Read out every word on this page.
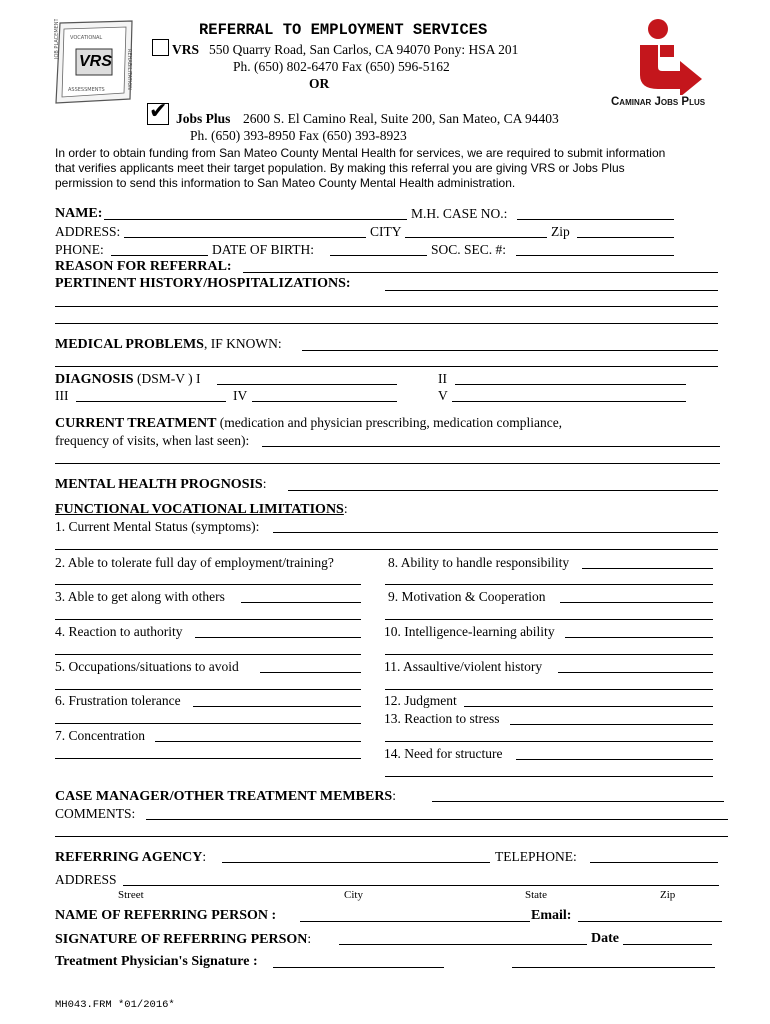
JOB PLACEMENT
REHABILITATION
VOCATIONAL
ASSESSMENTS
VRS
REFERRAL TO EMPLOYMENT SERVICES
VRS 550 Quarry Road, San Carlos, CA 94070 Pony: HSA 201
Ph. (650) 802-6470 Fax (650) 596-5162
OR
✔ Jobs Plus 2600 S. El Camino Real, Suite 200, San Mateo, CA 94403
Ph. (650) 393-8950 Fax (650) 393-8923
Caminar Jobs Plus
In order to obtain funding from San Mateo County Mental Health for services, we are required to submit information
that verifies applicants meet their target population. By making this referral you are giving VRS or Jobs Plus
permission to send this information to San Mateo County Mental Health administration.
NAME:	M.H. CASE NO.:
ADDRESS:	CITY	Zip
PHONE:	DATE OF BIRTH:	SOC. SEC. #:
REASON FOR REFERRAL:
PERTINENT HISTORY/HOSPITALIZATIONS:
MEDICAL PROBLEMS, IF KNOWN:
DIAGNOSIS (DSM-V ) I	II
III	IV	V
CURRENT TREATMENT (medication and physician prescribing, medication compliance,
frequency of visits, when last seen):
MENTAL HEALTH PROGNOSIS:
FUNCTIONAL VOCATIONAL LIMITATIONS:
1. Current Mental Status (symptoms):
2. Able to tolerate full day of employment/training?
3. Able to get along with others
4. Reaction to authority
5. Occupations/situations to avoid
6. Frustration tolerance
7. Concentration
8. Ability to handle responsibility
9. Motivation & Cooperation
10. Intelligence-learning ability
11. Assaultive/violent history
12. Judgment
13. Reaction to stress
14. Need for structure
CASE MANAGER/OTHER TREATMENT MEMBERS:
COMMENTS:
REFERRING AGENCY:	TELEPHONE:
ADDRESS
Street	City	State	Zip
NAME OF REFERRING PERSON :	Email:
SIGNATURE OF REFERRING PERSON:	Date
Treatment Physician's Signature :
MH043.FRM *01/2016*
